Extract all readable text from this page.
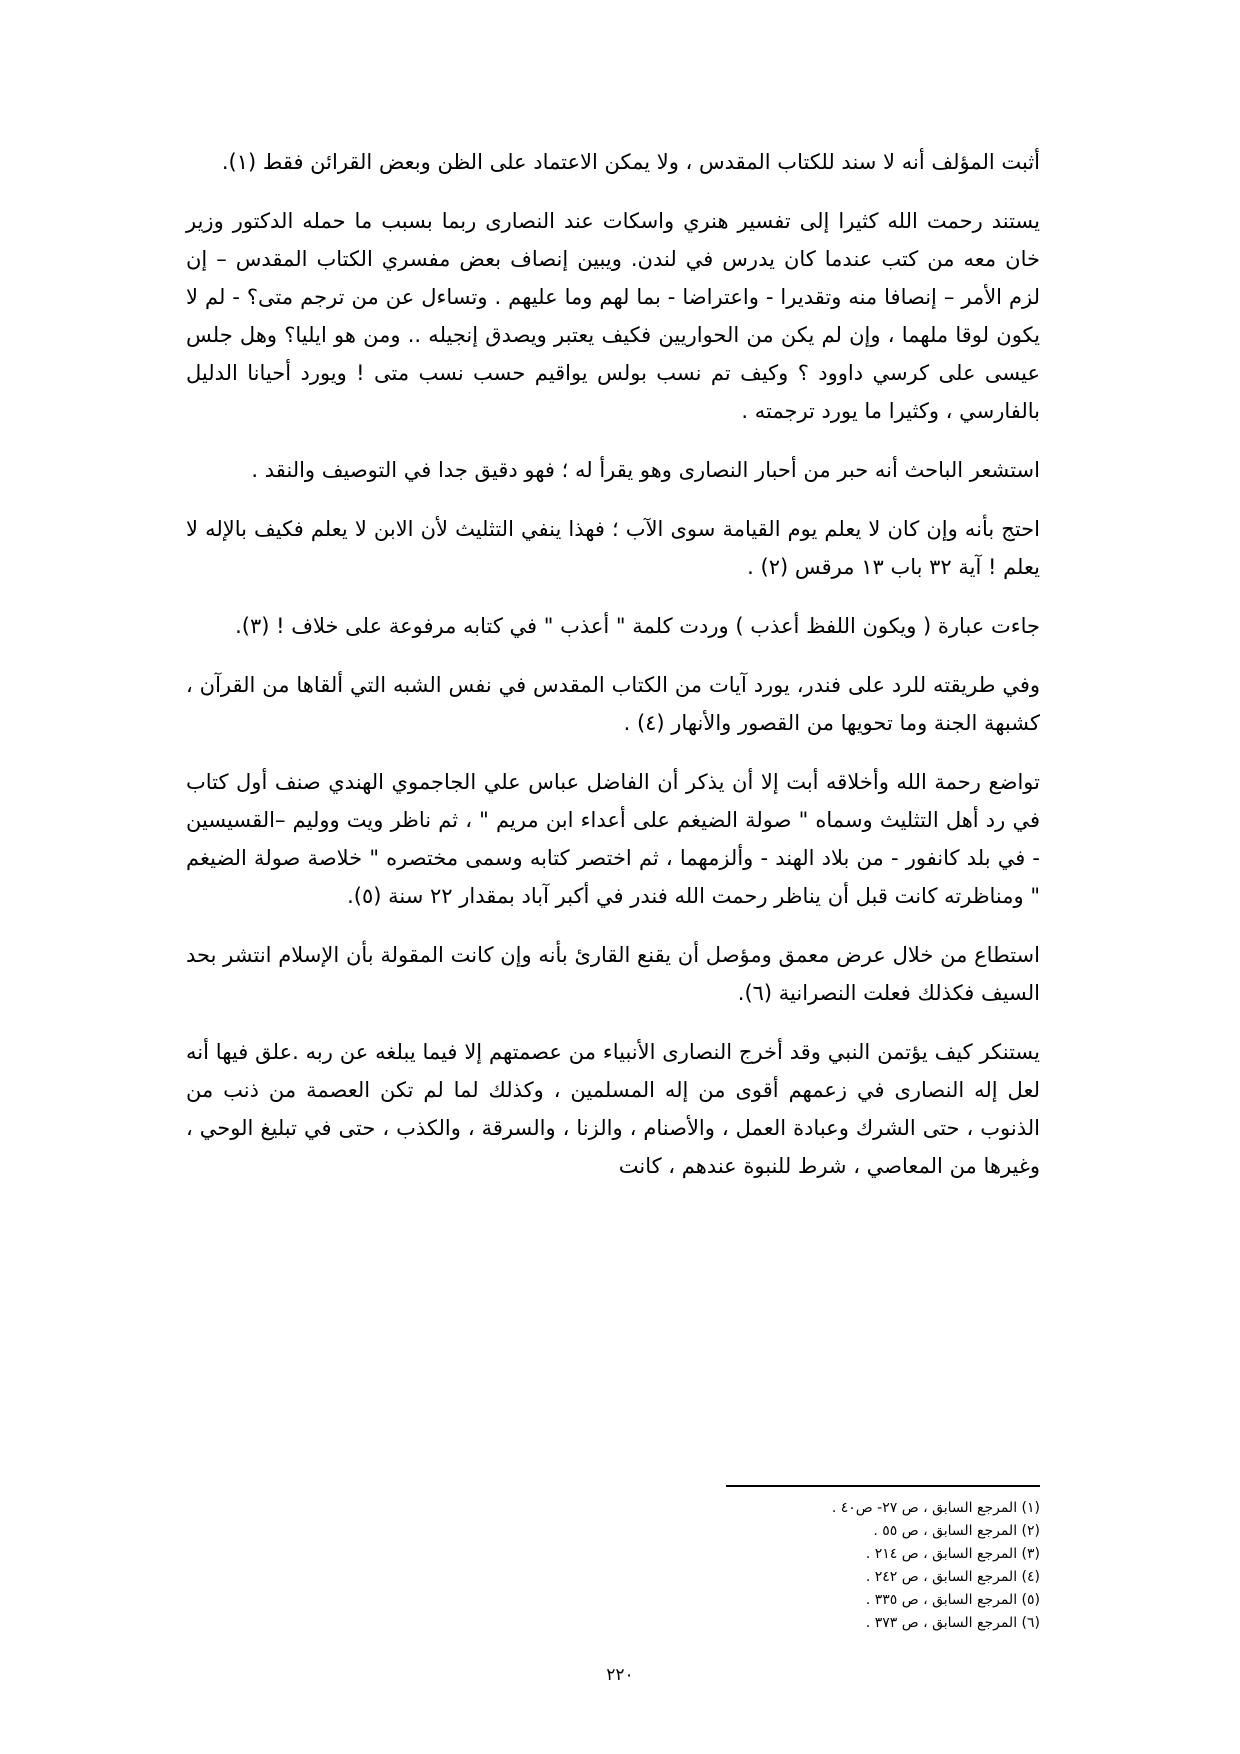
أثبت المؤلف أنه لا سند للكتاب المقدس ، ولا يمكن الاعتماد على الظن وبعض القرائن فقط (١).

يستند رحمت الله كثيرا إلى تفسير هنري واسكات عند النصارى ربما بسبب ما حمله الدكتور وزير خان معه من كتب عندما كان يدرس في لندن. ويبين إنصاف بعض مفسري الكتاب المقدس – إن لزم الأمر – إنصافا منه وتقديرا - واعتراضا - بما لهم وما عليهم . وتساءل عن من ترجم متى؟ - لم لا يكون لوقا ملهما ، وإن لم يكن من الحواريين فكيف يعتبر ويصدق إنجيله .. ومن هو ايليا؟ وهل جلس عيسى على كرسي داوود ؟ وكيف تم نسب بولس يواقيم حسب نسب متى ! ويورد أحيانا الدليل بالفارسي ، وكثيرا ما يورد ترجمته .

استشعر الباحث أنه حبر من أحبار النصارى وهو يقرأ له ؛ فهو دقيق جدا في التوصيف والنقد .

احتج بأنه وإن كان لا يعلم يوم القيامة سوى الآب ؛ فهذا ينفي التثليث لأن الابن لا يعلم فكيف بالإله لا يعلم ! آية ٣٢ باب ١٣ مرقس (٢) .

جاءت عبارة ( ويكون اللفظ أعذب ) وردت كلمة " أعذب " في كتابه مرفوعة على خلاف ! (٣).

وفي طريقته للرد على فندر، يورد آيات من الكتاب المقدس في نفس الشبه التي ألقاها من القرآن ، كشبهة الجنة وما تحويها من القصور والأنهار (٤) .

تواضع رحمة الله وأخلاقه أبت إلا أن يذكر أن الفاضل عباس علي الجاجموي الهندي صنف أول كتاب في رد أهل التثليث وسماه " صولة الضيغم على أعداء ابن مريم " ، ثم ناظر ويت ووليم –القسيسين - في بلد كانفور - من بلاد الهند - وألزمهما ، ثم اختصر كتابه وسمى مختصره " خلاصة صولة الضيغم " ومناظرته كانت قبل أن يناظر رحمت الله فندر في أكبر آباد بمقدار ٢٢ سنة (٥).

استطاع من خلال عرض معمق ومؤصل أن يقنع القارئ بأنه وإن كانت المقولة بأن الإسلام انتشر بحد السيف فكذلك فعلت النصرانية (٦).

يستنكر كيف يؤتمن النبي وقد أخرج النصارى الأنبياء من عصمتهم إلا فيما يبلغه عن ربه .علق فيها أنه لعل إله النصارى في زعمهم أقوى من إله المسلمين ، وكذلك لما لم تكن العصمة من ذنب من الذنوب ، حتى الشرك وعبادة العمل ، والأصنام ، والزنا ، والسرقة ، والكذب ، حتى في تبليغ الوحي ، وغيرها من المعاصي ، شرط للنبوة عندهم ، كانت

(١) المرجع السابق ، ص ٢٧- ص٤٠ .

(٢) المرجع السابق ، ص ٥٥ .

(٣) المرجع السابق ، ص ٢١٤ .

(٤) المرجع السابق ، ص ٢٤٢ .

(٥) المرجع السابق ، ص ٣٣٥ .

(٦) المرجع السابق ، ص ٣٧٣ .

٢٢٠
